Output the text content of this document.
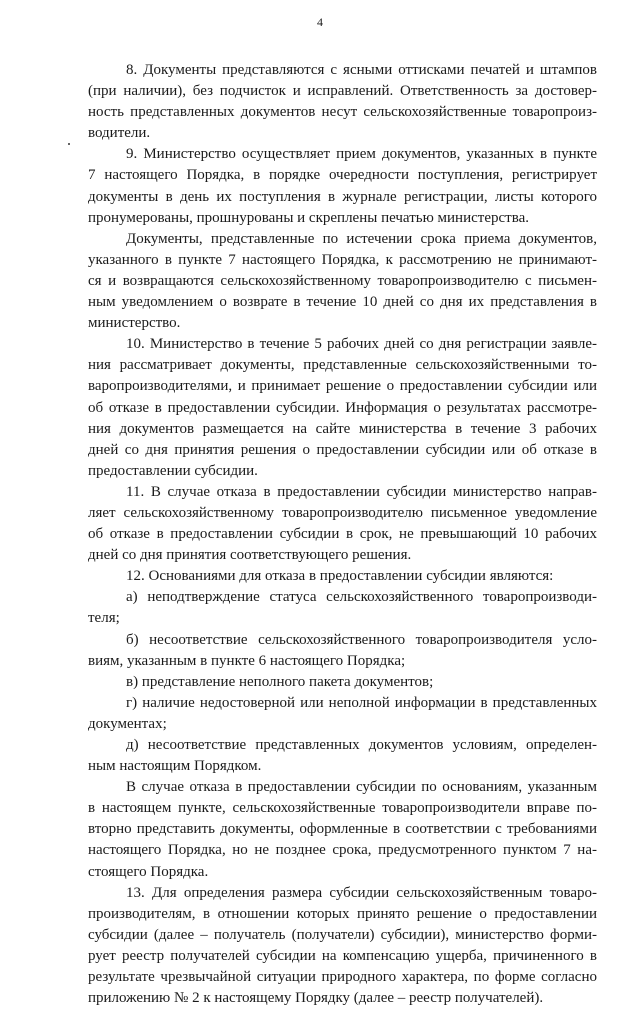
4
8. Документы представляются с ясными оттисками печатей и штампов
(при наличии), без подчисток и исправлений. Ответственность за достовер-
ность представленных документов несут сельскохозяйственные товаропроиз-
водители.
9. Министерство осуществляет прием документов, указанных в пункте
7 настоящего Порядка, в порядке очередности поступления, регистрирует
документы в день их поступления в журнале регистрации, листы которого
пронумерованы, прошнурованы и скреплены печатью министерства.
Документы, представленные по истечении срока приема документов,
указанного в пункте 7 настоящего Порядка, к рассмотрению не принимают-
ся и возвращаются сельскохозяйственному товаропроизводителю с письмен-
ным уведомлением о возврате в течение 10 дней со дня их представления в
министерство.
10. Министерство в течение 5 рабочих дней со дня регистрации заявле-
ния рассматривает документы, представленные сельскохозяйственными то-
варопроизводителями, и принимает решение о предоставлении субсидии или
об отказе в предоставлении субсидии. Информация о результатах рассмотре-
ния документов размещается на сайте министерства в течение 3 рабочих
дней со дня принятия решения о предоставлении субсидии или об отказе в
предоставлении субсидии.
11. В случае отказа в предоставлении субсидии министерство направ-
ляет сельскохозяйственному товаропроизводителю письменное уведомление
об отказе в предоставлении субсидии в срок, не превышающий 10 рабочих
дней со дня принятия соответствующего решения.
12. Основаниями для отказа в предоставлении субсидии являются:
а) неподтверждение статуса сельскохозяйственного товаропроизводи-
теля;
б) несоответствие сельскохозяйственного товаропроизводителя усло-
виям, указанным в пункте 6 настоящего Порядка;
в) представление неполного пакета документов;
г) наличие недостоверной или неполной информации в представленных
документах;
д) несоответствие представленных документов условиям, определен-
ным настоящим Порядком.
В случае отказа в предоставлении субсидии по основаниям, указанным
в настоящем пункте, сельскохозяйственные товаропроизводители вправе по-
вторно представить документы, оформленные в соответствии с требованиями
настоящего Порядка, но не позднее срока, предусмотренного пунктом 7 на-
стоящего Порядка.
13. Для определения размера субсидии сельскохозяйственным товаро-
производителям, в отношении которых принято решение о предоставлении
субсидии (далее – получатель (получатели) субсидии), министерство форми-
рует реестр получателей субсидии на компенсацию ущерба, причиненного в
результате чрезвычайной ситуации природного характера, по форме согласно
приложению № 2 к настоящему Порядку (далее – реестр получателей).
